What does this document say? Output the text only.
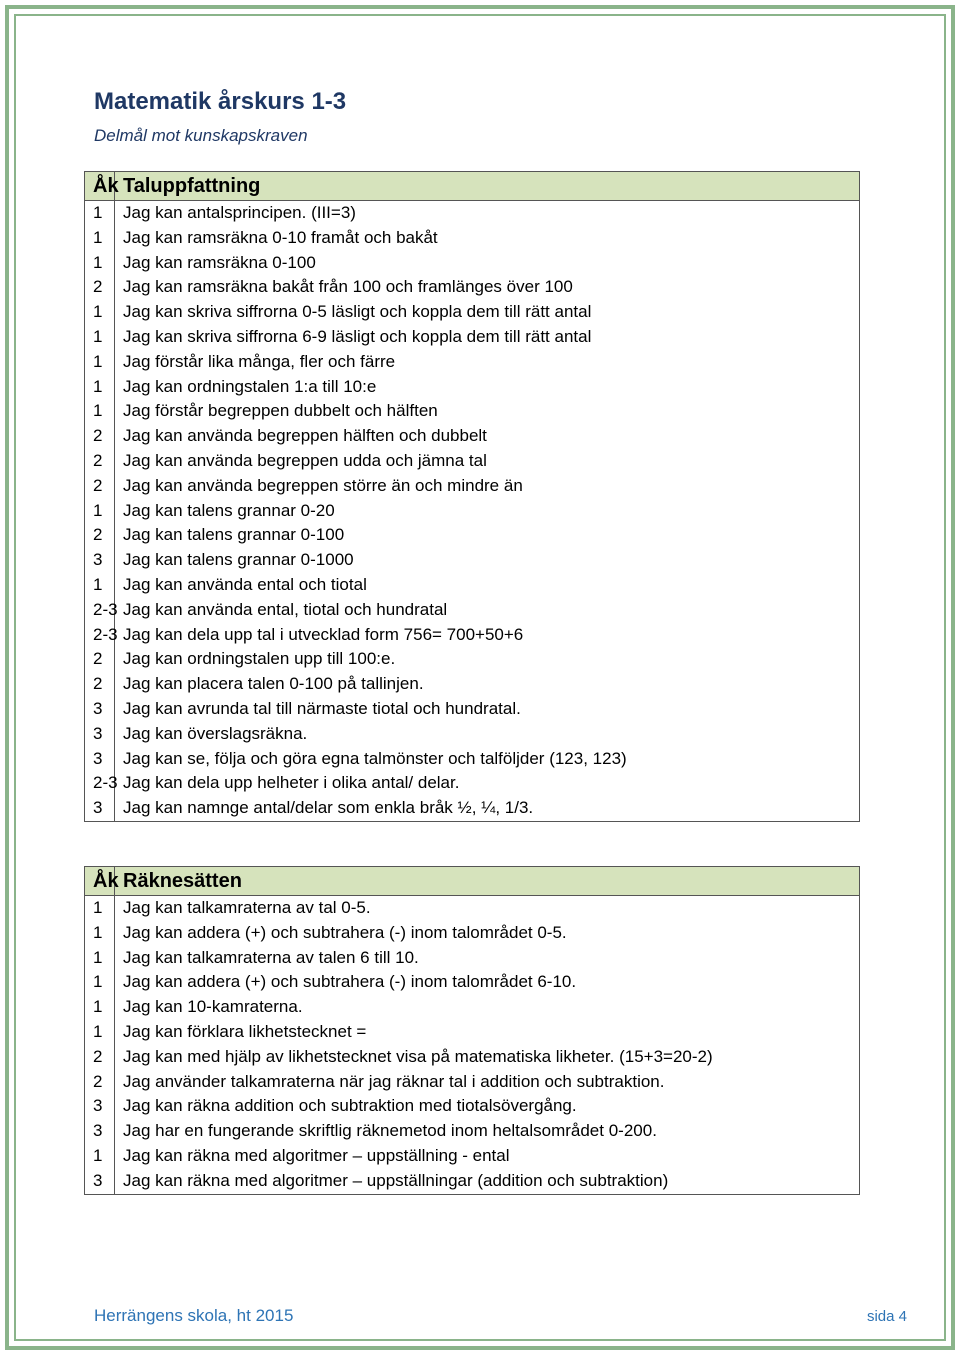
Matematik årskurs 1-3

Delmål mot kunskapskraven

Åk	Taluppfattning
1	Jag kan antalsprincipen. (III=3)
1	Jag kan ramsräkna 0-10 framåt och bakåt
1	Jag kan ramsräkna 0-100
2	Jag kan ramsräkna bakåt från 100 och framlänges över 100
1	Jag kan skriva siffrorna 0-5 läsligt och koppla dem till rätt antal
1	Jag kan skriva siffrorna 6-9 läsligt och koppla dem till rätt antal
1	Jag förstår lika många, fler och färre
1	Jag kan ordningstalen 1:a till 10:e
1	Jag förstår begreppen dubbelt och hälften
2	Jag kan använda begreppen hälften och dubbelt
2	Jag kan använda begreppen udda och jämna tal
2	Jag kan använda begreppen större än och mindre än
1	Jag kan talens grannar 0-20
2	Jag kan talens grannar 0-100
3	Jag kan talens grannar 0-1000
1	Jag kan använda ental och tiotal
2-3	Jag kan använda ental, tiotal och hundratal
2-3	Jag kan dela upp tal i utvecklad form 756= 700+50+6
2	Jag kan ordningstalen upp till 100:e.
2	Jag kan placera talen 0-100 på tallinjen.
3	Jag kan avrunda tal till närmaste tiotal och hundratal.
3	Jag kan överslagsräkna.
3	Jag kan se, följa och göra egna talmönster och talföljder (123, 123)
2-3	Jag kan dela upp helheter i olika antal/ delar.
3	Jag kan namnge antal/delar som enkla bråk ½, ¼, 1/3.
Åk	Räknesätten
1	Jag kan talkamraterna av tal 0-5.
1	Jag kan addera (+) och subtrahera (-) inom talområdet 0-5.
1	Jag kan talkamraterna av talen 6 till 10.
1	Jag kan addera (+) och subtrahera (-) inom talområdet 6-10.
1	Jag kan 10-kamraterna.
1	Jag kan förklara likhetstecknet =
2	Jag kan med hjälp av likhetstecknet visa på matematiska likheter. (15+3=20-2)
2	Jag använder talkamraterna när jag räknar tal i addition och subtraktion.
3	Jag kan räkna addition och subtraktion med tiotalsövergång.
3	Jag har en fungerande skriftlig räknemetod inom heltalsområdet 0-200.
1	Jag kan räkna med algoritmer – uppställning - ental
3	Jag kan räkna med algoritmer – uppställningar (addition och subtraktion)
Herrängens skola, ht 2015	sida 4
